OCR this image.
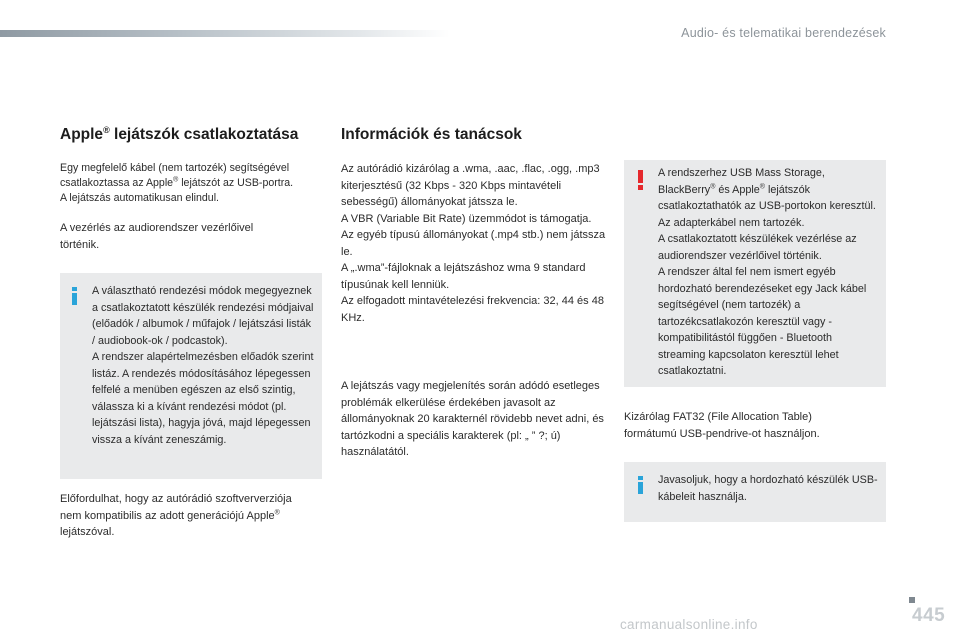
Audio- és telematikai berendezések
Apple® lejátszók csatlakoztatása

Egy megfelelő kábel (nem tartozék) segítségével
csatlakoztassa az Apple® lejátszót az USB-portra.
A lejátszás automatikusan elindul.

A vezérlés az audiorendszer vezérlőivel történik.

A választható rendezési módok megegyeznek a csatlakoztatott készülék rendezési módjaival (előadók / albumok / műfajok / lejátszási listák / audiobook-ok / podcastok).
A rendszer alapértelmezésben előadók szerint listáz. A rendezés módosításához lépegessen felfelé a menüben egészen az első szintig, válassza ki a kívánt rendezési módot (pl. lejátszási lista), hagyja jóvá, majd lépegessen vissza a kívánt zeneszámig.

Előfordulhat, hogy az autórádió szoftververziója nem kompatibilis az adott generációjú Apple® lejátszóval.

Információk és tanácsok

Az autórádió kizárólag a .wma, .aac, .flac, .ogg, .mp3 kiterjesztésű (32 Kbps - 320 Kbps mintavételi sebességű) állományokat játssza le.
A VBR (Variable Bit Rate) üzemmódot is támogatja.
Az egyéb típusú állományokat (.mp4 stb.) nem játssza le.
A „.wma”-fájloknak a lejátszáshoz wma 9 standard típusúnak kell lenniük.
Az elfogadott mintavételezési frekvencia: 32, 44 és 48 KHz.

A lejátszás vagy megjelenítés során adódó esetleges problémák elkerülése érdekében javasolt az állományoknak 20 karakternél rövidebb nevet adni, és tartózkodni a speciális karakterek (pl: „ ” ?; ú) használatától.

A rendszerhez USB Mass Storage,
BlackBerry® és Apple® lejátszók
csatlakoztathatók az USB-portokon keresztül. Az adapterkábel nem tartozék.
A csatlakoztatott készülékek vezérlése az audiorendszer vezérlőivel történik.
A rendszer által fel nem ismert egyéb hordozható berendezéseket egy Jack kábel segítségével (nem tartozék) a tartozékcsatlakozón keresztül vagy - kompatibilitástól függően - Bluetooth streaming kapcsolaton keresztül lehet csatlakoztatni.

Kizárólag FAT32 (File Allocation Table) formátumú USB-pendrive-ot használjon.

Javasoljuk, hogy a hordozható készülék USB-kábeleit használja.

445
carmanualsonline.info
